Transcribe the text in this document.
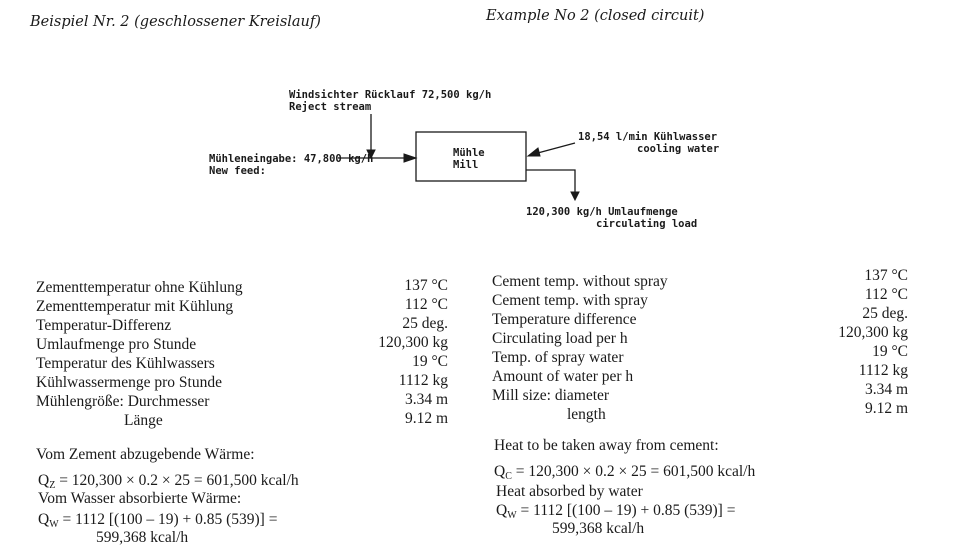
Beispiel Nr. 2 (geschlossener Kreislauf)	Example No 2 (closed circuit)
Windsichter Rücklauf 72,500 kg/h
Reject stream
Mühleneingabe: 47,800 kg/h
New feed:
Mühle
Mill
18,54 l/min Kühlwasser
cooling water
120,300 kg/h Umlaufmenge
circulating load
Zementtemperatur ohne Kühlung
Zementtemperatur mit Kühlung
Temperatur-Differenz
Umlaufmenge pro Stunde
Temperatur des Kühlwassers
Kühlwassermenge pro Stunde
Mühlengröße: Durchmesser
Länge
137 °C
112 °C
25 deg.
120,300 kg
19 °C
1112 kg
3.34 m
9.12 m
Cement temp. without spray
Cement temp. with spray
Temperature difference
Circulating load per h
Temp. of spray water
Amount of water per h
Mill size: diameter
length
137 °C
112 °C
25 deg.
120,300 kg
19 °C
1112 kg
3.34 m
9.12 m
Vom Zement abzugebende Wärme:
$Q_Z = 120,300 \times 0.2 \times 25 = 601,500$ kcal/h
Vom Wasser absorbierte Wärme:
$Q_W = 1112$ [(100 – 19) + 0.85 (539)] =
599,368 kcal/h
Heat to be taken away from cement:
$Q_C = 120,300 \times 0.2 \times 25 = 601,500$ kcal/h
Heat absorbed by water
$Q_W = 1112$ [(100 – 19) + 0.85 (539)] =
599,368 kcal/h
